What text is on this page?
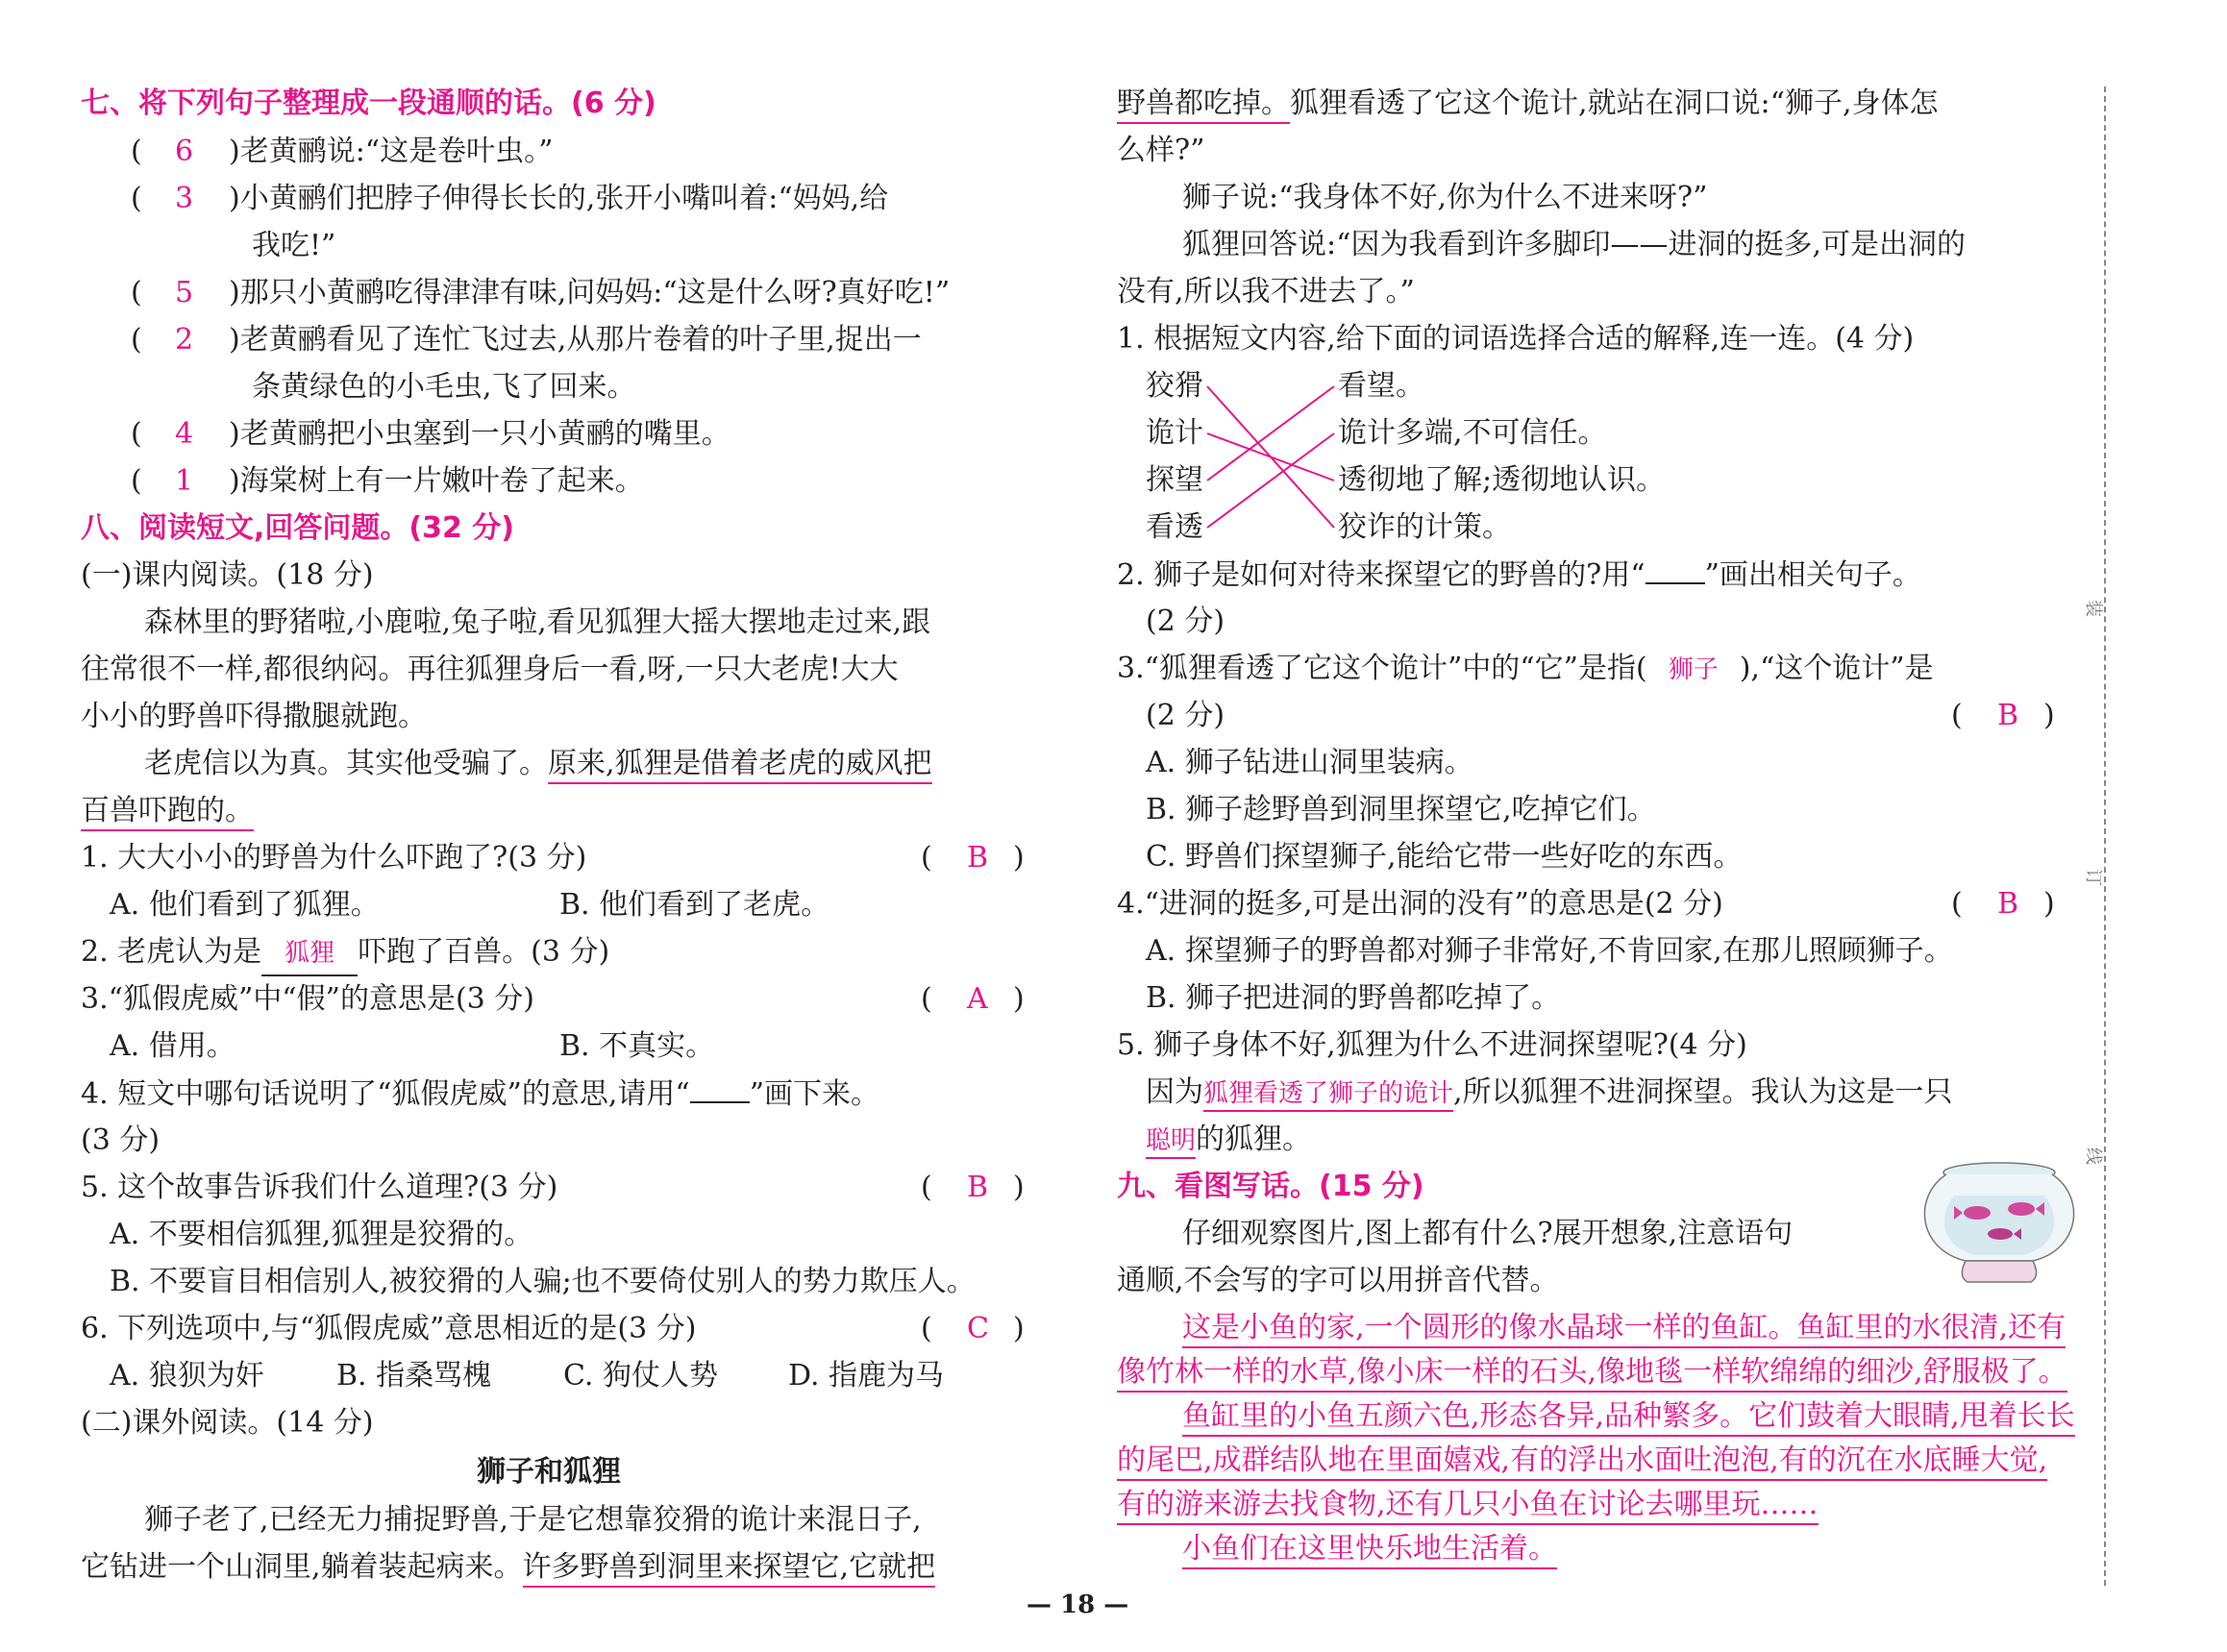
七、将下列句子整理成一段通顺的话。(6 分)
( 6 )老黄鹂说:“这是卷叶虫。”
( 3 )小黄鹂们把脖子伸得长长的,张开小嘴叫着:“妈妈,给
我吃!”
( 5 )那只小黄鹂吃得津津有味,问妈妈:“这是什么呀?真好吃!”
( 2 )老黄鹂看见了连忙飞过去,从那片卷着的叶子里,捉出一
条黄绿色的小毛虫,飞了回来。
( 4 )老黄鹂把小虫塞到一只小黄鹂的嘴里。
( 1 )海棠树上有一片嫩叶卷了起来。
八、阅读短文,回答问题。(32 分)
(一)课内阅读。(18 分)
森林里的野猪啦,小鹿啦,兔子啦,看见狐狸大摇大摆地走过来,跟
往常很不一样,都很纳闷。再往狐狸身后一看,呀,一只大老虎!大大
小小的野兽吓得撒腿就跑。
老虎信以为真。其实他受骗了。原来,狐狸是借着老虎的威风把
百兽吓跑的。
1. 大大小小的野兽为什么吓跑了?(3 分)	( B )
A. 他们看到了狐狸。	B. 他们看到了老虎。
2. 老虎认为是 狐狸 吓跑了百兽。(3 分)
3.“狐假虎威”中“假”的意思是(3 分)	( A )
A. 借用。	B. 不真实。
4. 短文中哪句话说明了“狐假虎威”的意思,请用“ ”画下来。
(3 分)
5. 这个故事告诉我们什么道理?(3 分)	( B )
A. 不要相信狐狸,狐狸是狡猾的。
B. 不要盲目相信别人,被狡猾的人骗;也不要倚仗别人的势力欺压人。
6. 下列选项中,与“狐假虎威”意思相近的是(3 分)	( C )
A. 狼狈为奸	B. 指桑骂槐 C. 狗仗人势 D. 指鹿为马
(二)课外阅读。(14 分)
狮子和狐狸
狮子老了,已经无力捕捉野兽,于是它想靠狡猾的诡计来混日子,
它钻进一个山洞里,躺着装起病来。许多野兽到洞里来探望它,它就把
野兽都吃掉。狐狸看透了它这个诡计,就站在洞口说:“狮子,身体怎
么样?”
狮子说:“我身体不好,你为什么不进来呀?”
狐狸回答说:“因为我看到许多脚印——进洞的挺多,可是出洞的
没有,所以我不进去了。”
1. 根据短文内容,给下面的词语选择合适的解释,连一连。(4 分)
狡猾
诡计
探望
看透
看望。
诡计多端,不可信任。
透彻地了解;透彻地认识。
狡诈的计策。
2. 狮子是如何对待来探望它的野兽的?用“ ”画出相关句子。
(2 分)
3.“狐狸看透了它这个诡计”中的“它”是指( 狮子 ),“这个诡计”是
(2 分)	( B )
A. 狮子钻进山洞里装病。
B. 狮子趁野兽到洞里探望它,吃掉它们。
C. 野兽们探望狮子,能给它带一些好吃的东西。
4.“进洞的挺多,可是出洞的没有”的意思是(2 分)	( B )
A. 探望狮子的野兽都对狮子非常好,不肯回家,在那儿照顾狮子。
B. 狮子把进洞的野兽都吃掉了。
5. 狮子身体不好,狐狸为什么不进洞探望呢?(4 分)
因为狐狸看透了狮子的诡计,所以狐狸不进洞探望。我认为这是一只
聪明的狐狸。
九、看图写话。(15 分)
仔细观察图片,图上都有什么?展开想象,注意语句
通顺,不会写的字可以用拼音代替。
这是小鱼的家,一个圆形的像水晶球一样的鱼缸。鱼缸里的水很清,还有
像竹林一样的水草,像小床一样的石头,像地毯一样软绵绵的细沙,舒服极了。
鱼缸里的小鱼五颜六色,形态各异,品种繁多。它们鼓着大眼睛,甩着长长
的尾巴,成群结队地在里面嬉戏,有的浮出水面吐泡泡,有的沉在水底睡大觉,
有的游来游去找食物,还有几只小鱼在讨论去哪里玩……
小鱼们在这里快乐地生活着。
装
订
线
— 18 —
